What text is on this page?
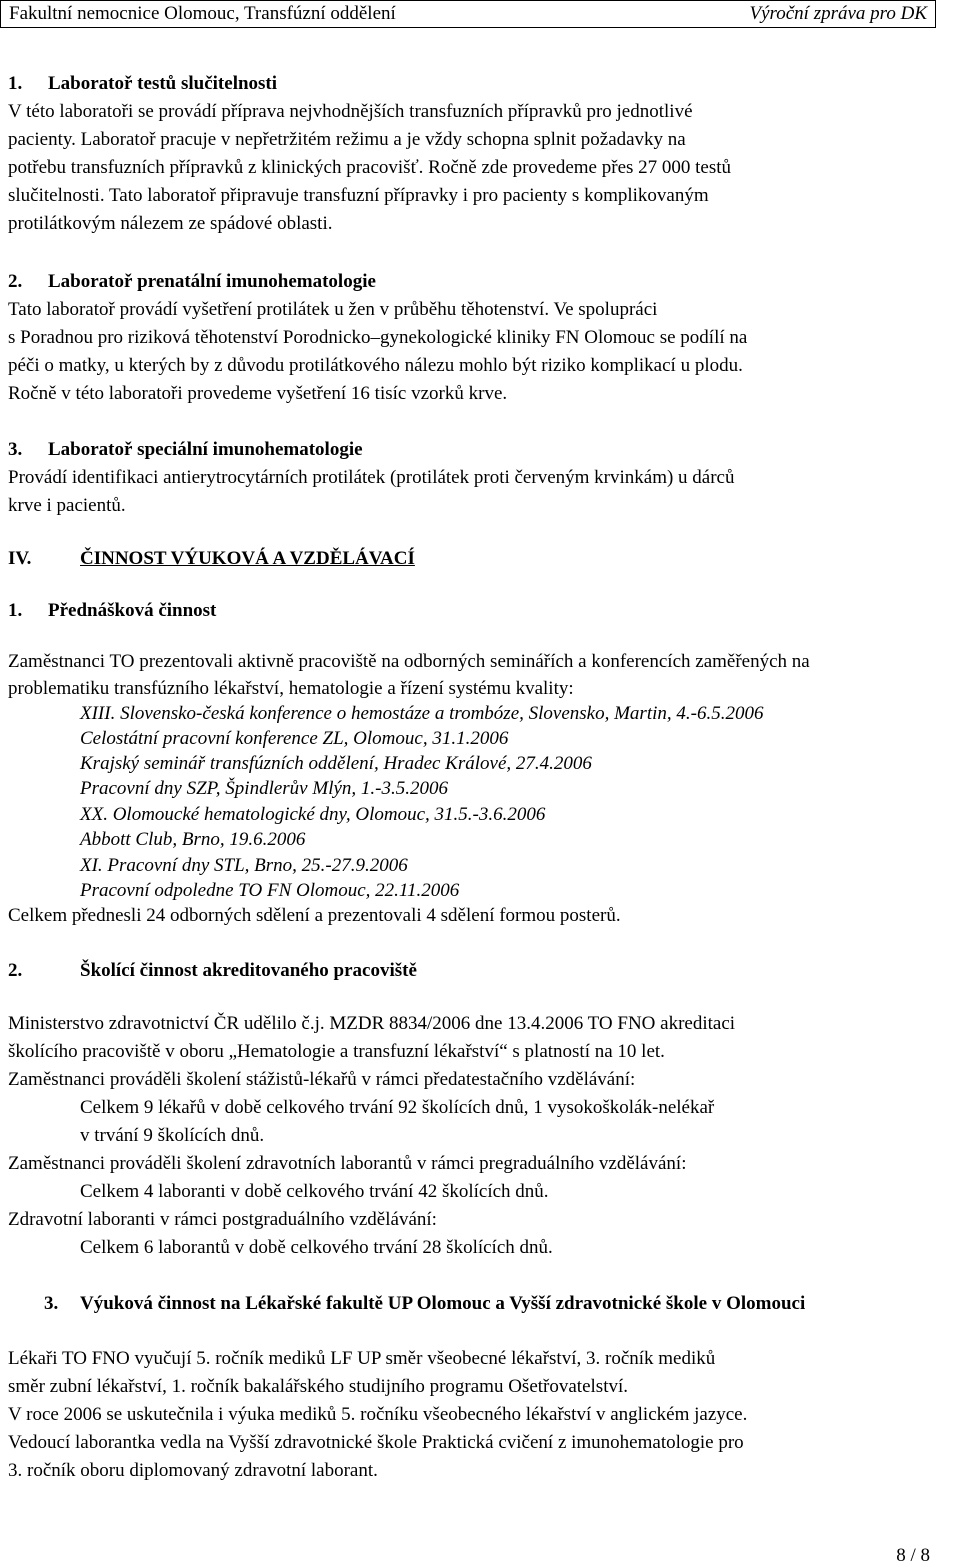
Fakultní nemocnice Olomouc, Transfúzní oddělení	Výroční zpráva pro DK
1. Laboratoř testů slučitelnosti
V této laboratoři se provádí příprava nejvhodnějších transfuzních přípravků pro jednotlivé
pacienty. Laboratoř pracuje v nepřetržitém režimu a je vždy schopna splnit požadavky na
potřebu transfuzních přípravků z klinických pracovišť. Ročně zde provedeme přes 27 000 testů
slučitelnosti. Tato laboratoř připravuje transfuzní přípravky i pro pacienty s komplikovaným
protilátkovým nálezem ze spádové oblasti.
2. Laboratoř prenatální imunohematologie
Tato laboratoř provádí vyšetření protilátek u žen v průběhu těhotenství. Ve spolupráci
s Poradnou pro riziková těhotenství Porodnicko–gynekologické kliniky FN Olomouc se podílí na
péči o matky, u kterých by z důvodu protilátkového nálezu mohlo být riziko komplikací u plodu.
Ročně v této laboratoři provedeme vyšetření 16 tisíc vzorků krve.
3. Laboratoř speciální imunohematologie
Provádí identifikaci antierytrocytárních protilátek (protilátek proti červeným krvinkám) u dárců
krve i pacientů.
IV.	ČINNOST VÝUKOVÁ A VZDĚLÁVACÍ
1. Přednášková činnost
Zaměstnanci TO prezentovali aktivně pracoviště na odborných seminářích a konferencích zaměřených na
problematiku transfúzního lékařství, hematologie a řízení systému kvality:
XIII. Slovensko-česká konference o hemostáze a trombóze, Slovensko, Martin, 4.-6.5.2006
Celostátní pracovní konference ZL, Olomouc, 31.1.2006
Krajský seminář transfúzních oddělení, Hradec Králové, 27.4.2006
Pracovní dny SZP, Špindlerův Mlýn, 1.-3.5.2006
XX. Olomoucké hematologické dny, Olomouc, 31.5.-3.6.2006
Abbott Club, Brno, 19.6.2006
XI. Pracovní dny STL, Brno, 25.-27.9.2006
Pracovní odpoledne TO FN Olomouc, 22.11.2006
Celkem přednesli 24 odborných sdělení a prezentovali 4 sdělení formou posterů.
2.	Školící činnost akreditovaného pracoviště
Ministerstvo zdravotnictví ČR udělilo č.j. MZDR 8834/2006 dne 13.4.2006 TO FNO akreditaci
školícího pracoviště v oboru „Hematologie a transfuzní lékařství“ s platností na 10 let.
Zaměstnanci prováděli školení stážistů-lékařů v rámci předatestačního vzdělávání:
Celkem 9 lékařů v době celkového trvání 92 školících dnů, 1 vysokoškolák-nelékař
v trvání 9 školících dnů.
Zaměstnanci prováděli školení zdravotních laborantů v rámci pregraduálního vzdělávání:
Celkem 4 laboranti v době celkového trvání 42 školících dnů.
Zdravotní laboranti v rámci postgraduálního vzdělávání:
Celkem 6 laborantů v době celkového trvání 28 školících dnů.
3. Výuková činnost na Lékařské fakultě UP Olomouc a Vyšší zdravotnické škole v Olomouci
Lékaři TO FNO vyučují 5. ročník mediků LF UP směr všeobecné lékařství, 3. ročník mediků
směr zubní lékařství, 1. ročník bakalářského studijního programu Ošetřovatelství.
V roce 2006 se uskutečnila i výuka mediků 5. ročníku všeobecného lékařství v anglickém jazyce.
Vedoucí laborantka vedla na Vyšší zdravotnické škole Praktická cvičení z imunohematologie pro
3. ročník oboru diplomovaný zdravotní laborant.
8 / 8
